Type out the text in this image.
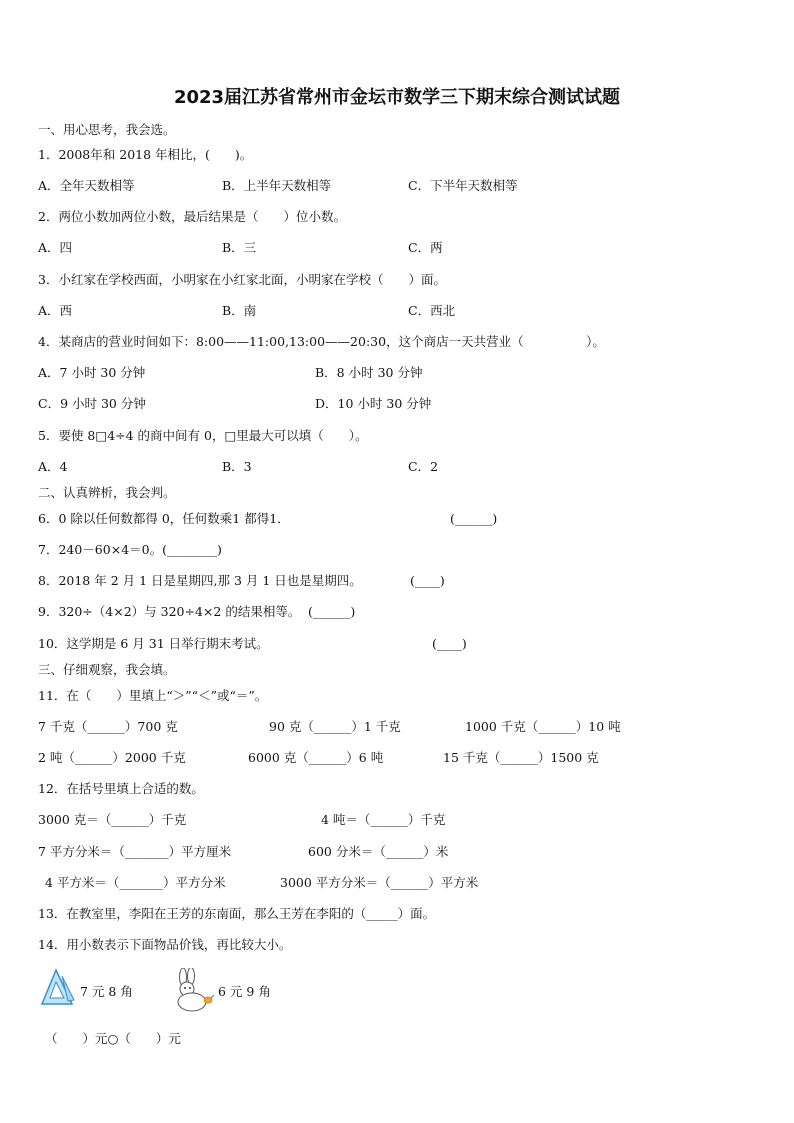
2023届江苏省常州市金坛市数学三下期末综合测试试题
一、用心思考，我会选。
1．2008年和 2018 年相比，(　　)。
A．全年天数相等	B．上半年天数相等	C．下半年天数相等
2．两位小数加两位小数，最后结果是（　　）位小数。
A．四	B．三	C．两
3．小红家在学校西面，小明家在小红家北面，小明家在学校（　　）面。
A．西	B．南	C．西北
4．某商店的营业时间如下：8:00——11:00,13:00——20:30，这个商店一天共营业（　　　　　）。
A．7 小时 30 分钟	B．8 小时 30 分钟
C．9 小时 30 分钟	D．10 小时 30 分钟
5．要使 8□4÷4 的商中间有 0，□里最大可以填（　　）。
A．4	B．3	C．2
二、认真辨析，我会判。
6．0 除以任何数都得 0，任何数乘1 都得1．	(______)
7．240－60×4＝0。(________)
8．2018 年 2 月 1 日是星期四,那 3 月 1 日也是星期四。	(____)
9．320÷（4×2）与 320÷4×2 的结果相等。 (______)
10．这学期是 6 月 31 日举行期末考试。	(____)
三、仔细观察，我会填。
11．在（　　）里填上“＞”“＜”或“＝”。
7 千克（______）700 克	90 克（______）1 千克	1000 千克（______）10 吨
2 吨（______）2000 千克	6000 克（______）6 吨	15 千克（______）1500 克
12．在括号里填上合适的数。
3000 克＝（______）千克	4 吨＝（______）千克
7 平方分米＝（_______）平方厘米	600 分米＝（______）米
4 平方米＝（_______）平方分米	3000 平方分米＝（______）平方米
13．在教室里，李阳在王芳的东南面，那么王芳在李阳的（_____）面。
14．用小数表示下面物品价钱，再比较大小。
7 元 8 角	6 元 9 角
（　　）元○（　　）元
